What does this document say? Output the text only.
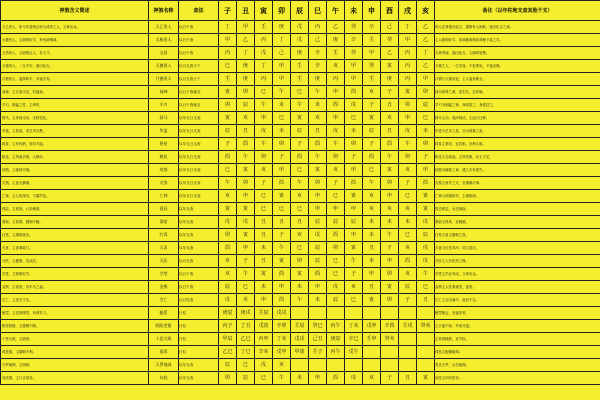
神煞含义简述	神煞名称	查法	子	丑	寅	卯	辰	巳	午	未	申	酉	戌	亥	备注（以年柱地支查其他干支）
天乙贵人，如与华盖相会则为清贵之人，文章出众。	天乙贵人	以日干查	丁	甲	壬	庚	戊	丙	乙	癸	辛	己	丁	乙	贵人在命逢凶化吉，遇事有人相助，逢凶化吉之神。
太极贵人，主聪明好学，有钻研精神。	太极贵人	以日干查	甲	乙	丙	丁	戊	己	庚	辛	壬	癸	甲	乙	主人聪明好学，喜神秘事物如命理卜筮之学。
文昌贵人，主聪明过人，有文才。	文昌	以日干查	丙	丁	戊	己	庚	辛	壬	癸	甲	乙	丙	丁	文章秀丽，逢凶化吉，主聪明智慧。
天德贵人，一生平安，逢凶化吉。	天德贵人	以月支查天干	巳	庚	丁	申	壬	辛	亥	甲	癸	寅	丙	乙	天德之人，一生安逸，不犯刑宪，不逢凶祸。
月德贵人，温厚和平，多福多寿。	月德贵人	以月支查天干	壬	庚	丙	甲	壬	庚	丙	甲	壬	庚	丙	甲	月德与天德同论，主人福寿兼全。
禄神，主衣食丰足，有福禄。	禄神	以日干查地支	寅	卯	巳	午	巳	午	申	酉	亥	子	寅	卯	禄为养命之源，喜生旺，忌冲破。
羊刃，刚猛之性，主刑伤。	羊刃	以日干查地支	卯	辰	午	未	午	未	酉	戌	子	丑	卯	辰	羊刃为刚猛之神，身弱喜之，身强忌之。
驿马，主奔波走动，迁移变化。	驿马	以年支日支查	寅	亥	申	巳	寅	亥	申	巳	寅	亥	申	巳	驿马主动，逢冲则动，主远行迁移。
华盖，主孤高，喜艺术宗教。	华盖	以年支日支查	辰	丑	戌	未	辰	丑	戌	未	辰	丑	戌	未	华盖为艺术之星，亦为孤寡之星。
将星，主有权柄，领导才能。	将星	以年支日支查	子	酉	午	卯	子	酉	午	卯	子	酉	午	卯	将星主掌权，宜武职，亦利文职。
桃花，主风流多情，人缘好。	桃花	以年支日支查	酉	午	卯	子	酉	午	卯	子	酉	午	卯	子	桃花又名咸池，主异性缘，亦主才艺。
劫煞，主破财灾祸。	劫煞	以年支日支查	巳	寅	亥	申	巳	寅	亥	申	巳	寅	亥	申	劫煞为破耗之神，遇之多有损失。
灾煞，主血光横祸。	灾煞	以年支日支查	午	卯	子	酉	午	卯	子	酉	午	卯	子	酉	灾煞主意外之灾，宜谨慎行事。
亡神，主心机深沉，不露声色。	亡神	以年支日支查	亥	申	巳	寅	亥	申	巳	寅	亥	申	巳	寅	亡神与劫煞相对，主城府深。
孤辰，主孤独，六亲缘薄。	孤辰	以年支查	寅	寅	巳	巳	巳	申	申	申	亥	亥	亥	寅	男忌孤辰，女忌寡宿。
寡宿，主孤寡，婚姻不顺。	寡宿	以年支查	戌	戌	丑	丑	丑	辰	辰	辰	未	未	未	戌	寡宿主孤单，宜晚婚。
红鸾，主婚姻喜庆。	红鸾	以年支查	卯	寅	丑	子	亥	戌	酉	申	未	午	巳	辰	红鸾天喜主婚姻之喜。
天喜，主喜事临门。	天喜	以年支查	酉	申	未	午	巳	辰	卯	寅	丑	子	亥	戌	天喜与红鸾对冲，同主喜庆。
天医，主健康，宜从医。	天医	以月支查	亥	子	丑	寅	卯	辰	巳	午	未	申	酉	戌	天医主人有医药之缘。
学堂，主聪明好学。	学堂	以日干查	亥	午	寅	酉	寅	酉	巳	子	申	卯	亥	午	学堂主学业有成，文章出众。
金舆，主富贵，有车马之福。	金舆	以日干查	辰	巳	未	申	未	申	戌	亥	丑	寅	辰	巳	金舆主人性柔貌美，富贵。
空亡，主虚空不实。	空亡	以日柱查	戌	亥	申	酉	午	未	辰	巳	寅	卯	子	丑	空亡主吉凶减半，虚而不实。
魁罡，主性格刚烈，有领导力。	魁罡	日柱	庚辰	庚戌	壬辰	戊戌									魁罡聚会，发福非常。
阴差阳错，主婚姻不顺。	阴阳差错	日柱	丙子	丁丑	戊寅	辛卯	壬辰	癸巳	丙午	丁未	戊申	辛酉	壬戌	癸亥	主夫妻不和，外家冷退。
十恶大败，主破财。	十恶大败	日柱	甲辰	乙巳	丙申	丁亥	戊戌	己丑	庚辰	辛巳	壬申	癸亥			主家财耗散，宜节俭。
孤鸾煞，主婚姻不利。	孤鸾	日柱	乙巳	丁巳	辛亥	戊申	甲寅	壬子	丙午	戊午					孤鸾主配偶缘薄。
天罗地网，主困顿。	天罗地网	以年支查	辰	巳	戌	亥									男忌天罗，女忌地网。
勾绞煞，主口舌是非。	勾绞	以年支查	卯	辰	巳	午	未	申	酉	戌	亥	子	丑	寅	勾绞主纠纷是非。
